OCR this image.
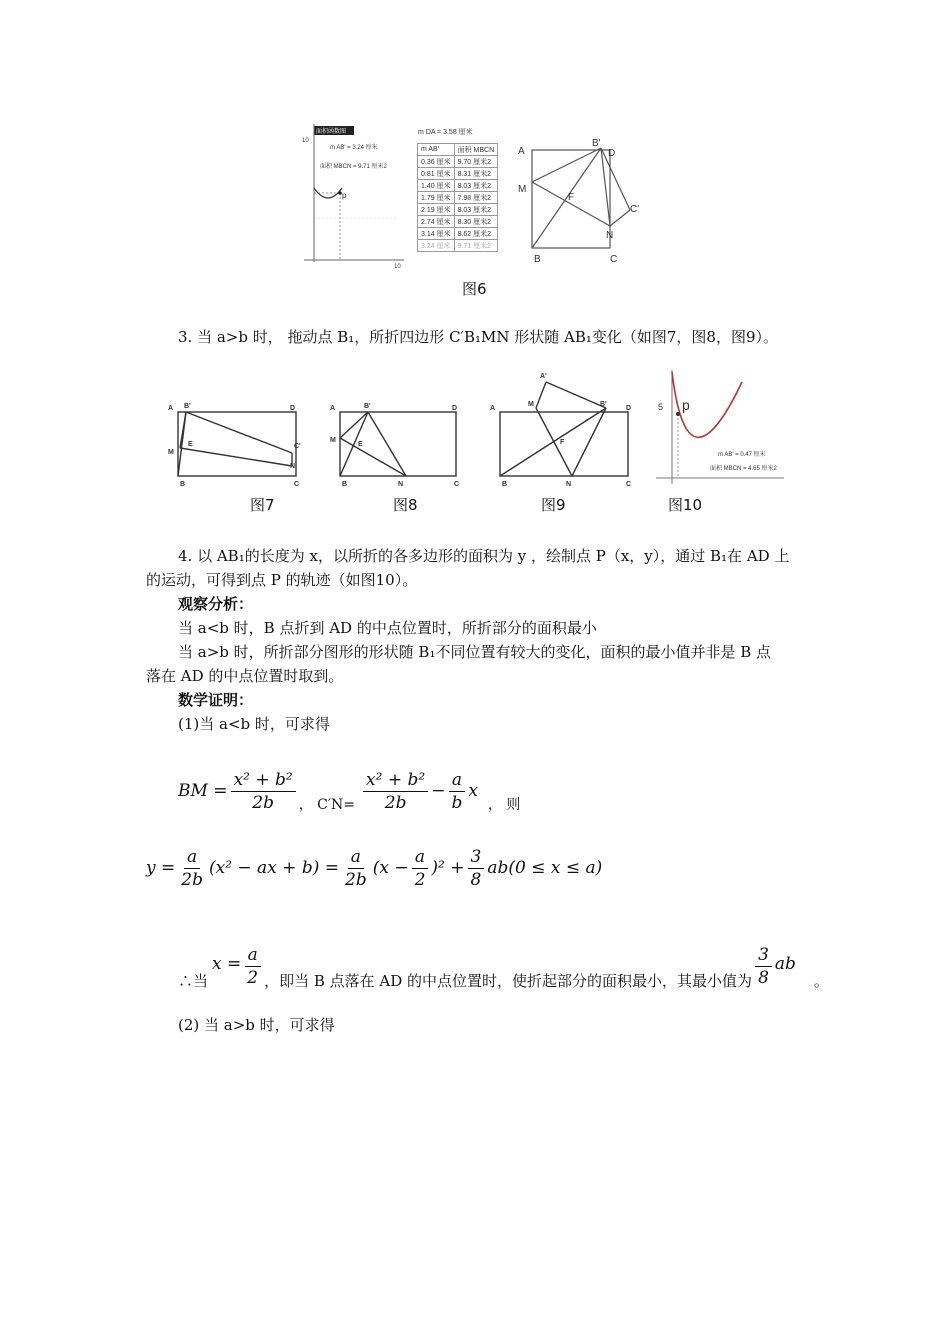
面积函数图
m AB' = 3.24 厘米
面积 MBCN = 9.71 厘米2
10
10
p
m DA = 3.58 厘米
m AB'	面积 MBCN
0.36 厘米	9.70 厘米2
0.81 厘米	8.31 厘米2
1.40 厘米	8.03 厘米2
1.79 厘米	7.98 厘米2
2.19 厘米	8.03 厘米2
2.74 厘米	8.30 厘米2
3.14 厘米	8.62 厘米2
3.24 厘米	9.71 厘米2
A
B'
D
M
F
C'
N
B	C
图6
3. 当 a>b 时， 拖动点 B₁，所折四边形 C′B₁MN 形状随 AB₁变化（如图7，图8，图9）。
A B'	D
M
E	C'
N
B	C
A	B'	D
M
E
N
B	C
A'
A
M	B'
D
F
N
B	C
5 p
m AB' = 0.47 厘米
面积 MBCN = 4.65 厘米2
图7	图8	图9	图10
4. 以 AB₁的长度为 x，以所折的各多边形的面积为 y ，绘制点 P（x，y），通过 B₁在 AD 上
的运动，可得到点 P 的轨迹（如图10）。
观察分析：
当 a<b 时，B 点折到 AD 的中点位置时，所折部分的面积最小
当 a>b 时，所折部分图形的形状随 B₁不同位置有较大的变化，面积的最小值并非是 B 点
落在 AD 的中点位置时取到。
数学证明：
(1)当 a<b 时，可求得
BM = $\frac{\text{x² + b²}}{2b}$ ， $C'N= \frac{\text{x² + b²}}{2b} - \frac{a}{b}$ x
， 则
$y = \frac{a}{2b} (x^2$ − ax + $b) = \frac{a}{2b} (x - \frac{a}{2} )^2 + \frac{3}{8} ab(0 \le x \le a)$
∴当
$x = \frac{a}{2}$ ，即当 B 点落在 AD 的中点位置时，使折起部分的面积最小，其最小值为 $\frac{3}{8}$ ab
。
(2) 当 a>b 时，可求得
